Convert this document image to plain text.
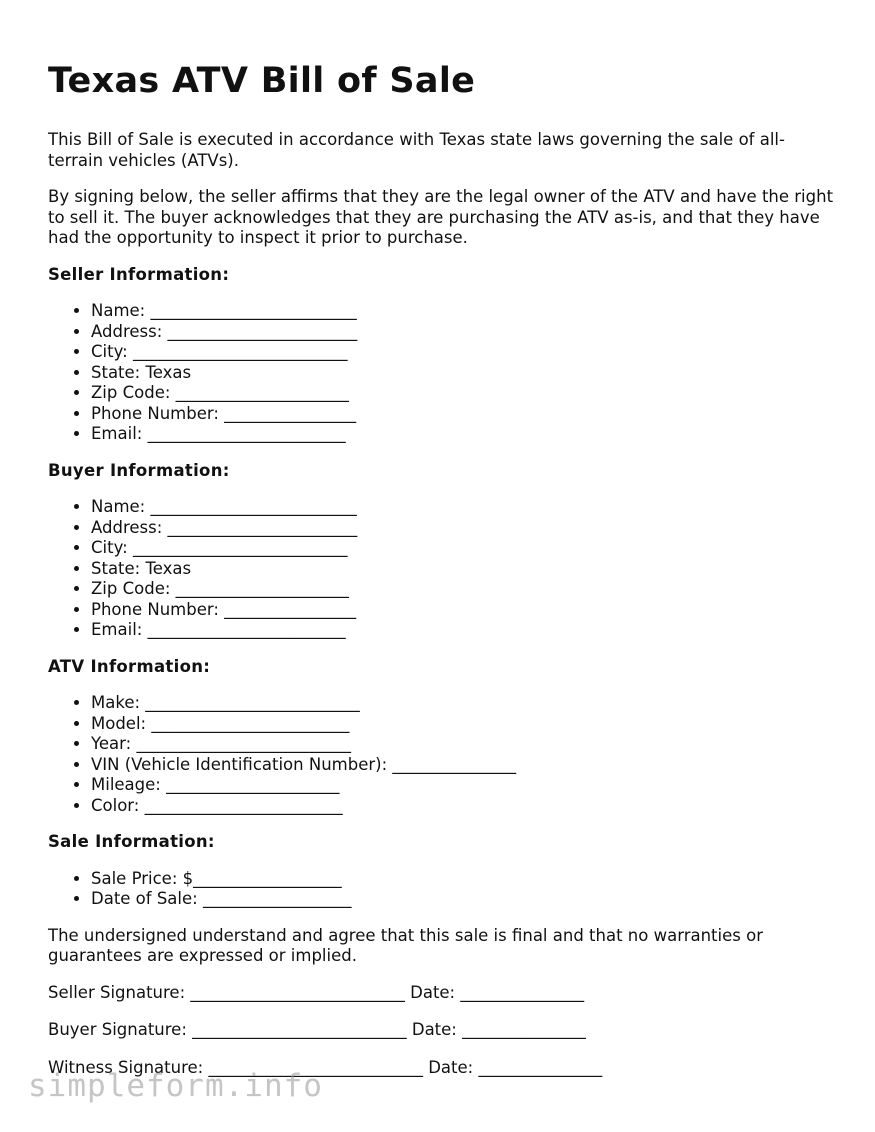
Texas ATV Bill of Sale

This Bill of Sale is executed in accordance with Texas state laws governing the sale of all-terrain vehicles (ATVs).

By signing below, the seller affirms that they are the legal owner of the ATV and have the right to sell it. The buyer acknowledges that they are purchasing the ATV as-is, and that they have had the opportunity to inspect it prior to purchase.

Seller Information:
• Name: _________________________
• Address: _______________________
• City: __________________________
• State: Texas
• Zip Code: _____________________
• Phone Number: ________________
• Email: ________________________
Buyer Information:
• Name: _________________________
• Address: _______________________
• City: __________________________
• State: Texas
• Zip Code: _____________________
• Phone Number: ________________
• Email: ________________________
ATV Information:
• Make: __________________________
• Model: ________________________
• Year: __________________________
• VIN (Vehicle Identification Number): _______________
• Mileage: _____________________
• Color: ________________________
Sale Information:
• Sale Price: $__________________
• Date of Sale: __________________

The undersigned understand and agree that this sale is final and that no warranties or guarantees are expressed or implied.

Seller Signature: __________________________ Date: _______________
Buyer Signature: __________________________ Date: _______________
Witness Signature: __________________________ Date: _______________
simpleform.info
